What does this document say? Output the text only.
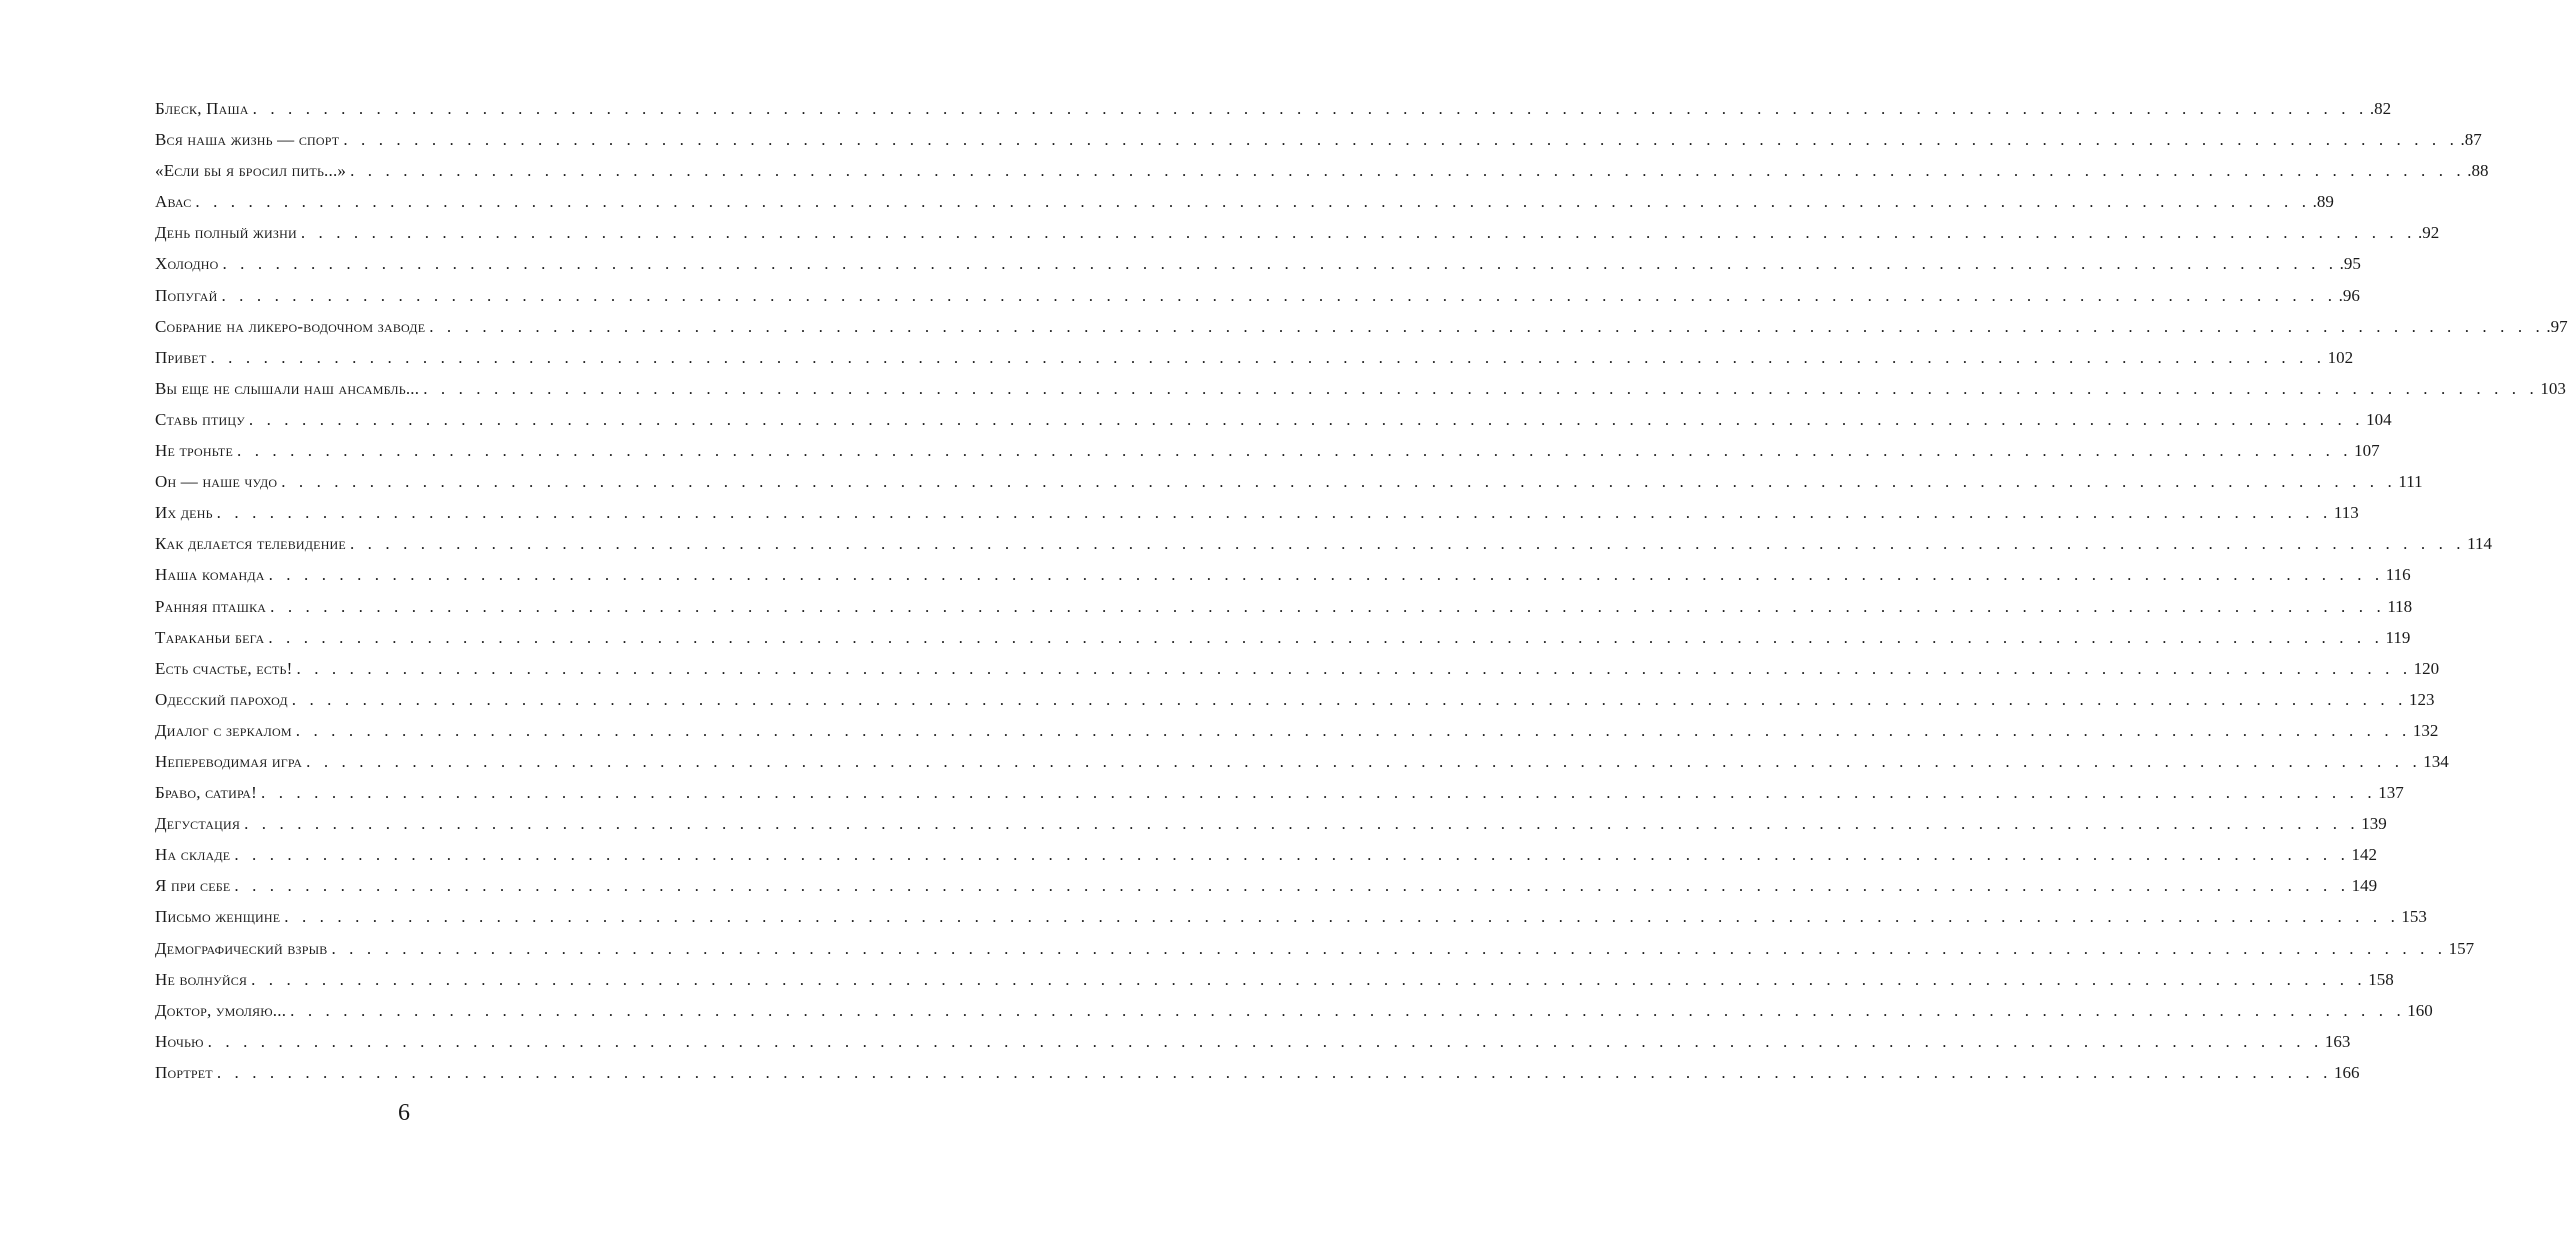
Блеск, Паша . . . . . . . . . . . . . . . . . . . . . . . . . . . . . . . . . . . . . . . . . . . . . . . . . . . . . . . . . . . . . . . . . . . . . . . . . . . . . . . . . . . . . . . . . . . . . . . . . . . . . . . . . . . . . . . . . . . . . . . . .82
Вся наша жизнь — спорт . . . . . . . . . . . . . . . . . . . . . . . . . . . . . . . . . . . . . . . . . . . . . . . . . . . . . . . . . . . . . . . . . . . . . . . . . . . . . . . . . . . . . . . . . . . . . . . . . . . . . . . . . . . . . . . . . . . . . . . . .87
«Если бы я бросил пить...» . . . . . . . . . . . . . . . . . . . . . . . . . . . . . . . . . . . . . . . . . . . . . . . . . . . . . . . . . . . . . . . . . . . . . . . . . . . . . . . . . . . . . . . . . . . . . . . . . . . . . . . . . . . . . . . . . . . . . . . . .88
Авас . . . . . . . . . . . . . . . . . . . . . . . . . . . . . . . . . . . . . . . . . . . . . . . . . . . . . . . . . . . . . . . . . . . . . . . . . . . . . . . . . . . . . . . . . . . . . . . . . . . . . . . . . . . . . . . . . . . . . . . . .89
День полный жизни . . . . . . . . . . . . . . . . . . . . . . . . . . . . . . . . . . . . . . . . . . . . . . . . . . . . . . . . . . . . . . . . . . . . . . . . . . . . . . . . . . . . . . . . . . . . . . . . . . . . . . . . . . . . . . . . . . . . . . . . .92
Холодно . . . . . . . . . . . . . . . . . . . . . . . . . . . . . . . . . . . . . . . . . . . . . . . . . . . . . . . . . . . . . . . . . . . . . . . . . . . . . . . . . . . . . . . . . . . . . . . . . . . . . . . . . . . . . . . . . . . . . . . . .95
Попугай . . . . . . . . . . . . . . . . . . . . . . . . . . . . . . . . . . . . . . . . . . . . . . . . . . . . . . . . . . . . . . . . . . . . . . . . . . . . . . . . . . . . . . . . . . . . . . . . . . . . . . . . . . . . . . . . . . . . . . . . .96
Собрание на ликеро-водочном заводе . . . . . . . . . . . . . . . . . . . . . . . . . . . . . . . . . . . . . . . . . . . . . . . . . . . . . . . . . . . . . . . . . . . . . . . . . . . . . . . . . . . . . . . . . . . . . . . . . . . . . . . . . . . . . . . . . . . . . . . . .97
Привет . . . . . . . . . . . . . . . . . . . . . . . . . . . . . . . . . . . . . . . . . . . . . . . . . . . . . . . . . . . . . . . . . . . . . . . . . . . . . . . . . . . . . . . . . . . . . . . . . . . . . . . . . . . . . . . . . . . . . . . . 102
Вы еще не слышали наш ансамбль... . . . . . . . . . . . . . . . . . . . . . . . . . . . . . . . . . . . . . . . . . . . . . . . . . . . . . . . . . . . . . . . . . . . . . . . . . . . . . . . . . . . . . . . . . . . . . . . . . . . . . . . . . . . . . . . . . . . . . . . . 103
Ставь птицу . . . . . . . . . . . . . . . . . . . . . . . . . . . . . . . . . . . . . . . . . . . . . . . . . . . . . . . . . . . . . . . . . . . . . . . . . . . . . . . . . . . . . . . . . . . . . . . . . . . . . . . . . . . . . . . . . . . . . . . . 104
Не троньте . . . . . . . . . . . . . . . . . . . . . . . . . . . . . . . . . . . . . . . . . . . . . . . . . . . . . . . . . . . . . . . . . . . . . . . . . . . . . . . . . . . . . . . . . . . . . . . . . . . . . . . . . . . . . . . . . . . . . . . . 107
Он — наше чудо . . . . . . . . . . . . . . . . . . . . . . . . . . . . . . . . . . . . . . . . . . . . . . . . . . . . . . . . . . . . . . . . . . . . . . . . . . . . . . . . . . . . . . . . . . . . . . . . . . . . . . . . . . . . . . . . . . . . . . . . 111
Их день . . . . . . . . . . . . . . . . . . . . . . . . . . . . . . . . . . . . . . . . . . . . . . . . . . . . . . . . . . . . . . . . . . . . . . . . . . . . . . . . . . . . . . . . . . . . . . . . . . . . . . . . . . . . . . . . . . . . . . . . 113
Как делается телевидение . . . . . . . . . . . . . . . . . . . . . . . . . . . . . . . . . . . . . . . . . . . . . . . . . . . . . . . . . . . . . . . . . . . . . . . . . . . . . . . . . . . . . . . . . . . . . . . . . . . . . . . . . . . . . . . . . . . . . . . . 114
Наша команда . . . . . . . . . . . . . . . . . . . . . . . . . . . . . . . . . . . . . . . . . . . . . . . . . . . . . . . . . . . . . . . . . . . . . . . . . . . . . . . . . . . . . . . . . . . . . . . . . . . . . . . . . . . . . . . . . . . . . . . . 116
Ранняя пташка . . . . . . . . . . . . . . . . . . . . . . . . . . . . . . . . . . . . . . . . . . . . . . . . . . . . . . . . . . . . . . . . . . . . . . . . . . . . . . . . . . . . . . . . . . . . . . . . . . . . . . . . . . . . . . . . . . . . . . . . 118
Тараканьи бега . . . . . . . . . . . . . . . . . . . . . . . . . . . . . . . . . . . . . . . . . . . . . . . . . . . . . . . . . . . . . . . . . . . . . . . . . . . . . . . . . . . . . . . . . . . . . . . . . . . . . . . . . . . . . . . . . . . . . . . . 119
Есть счастье, есть! . . . . . . . . . . . . . . . . . . . . . . . . . . . . . . . . . . . . . . . . . . . . . . . . . . . . . . . . . . . . . . . . . . . . . . . . . . . . . . . . . . . . . . . . . . . . . . . . . . . . . . . . . . . . . . . . . . . . . . . . 120
Одесский пароход . . . . . . . . . . . . . . . . . . . . . . . . . . . . . . . . . . . . . . . . . . . . . . . . . . . . . . . . . . . . . . . . . . . . . . . . . . . . . . . . . . . . . . . . . . . . . . . . . . . . . . . . . . . . . . . . . . . . . . . . 123
Диалог с зеркалом . . . . . . . . . . . . . . . . . . . . . . . . . . . . . . . . . . . . . . . . . . . . . . . . . . . . . . . . . . . . . . . . . . . . . . . . . . . . . . . . . . . . . . . . . . . . . . . . . . . . . . . . . . . . . . . . . . . . . . . . 132
Непереводимая игра . . . . . . . . . . . . . . . . . . . . . . . . . . . . . . . . . . . . . . . . . . . . . . . . . . . . . . . . . . . . . . . . . . . . . . . . . . . . . . . . . . . . . . . . . . . . . . . . . . . . . . . . . . . . . . . . . . . . . . . . 134
Браво, сатира! . . . . . . . . . . . . . . . . . . . . . . . . . . . . . . . . . . . . . . . . . . . . . . . . . . . . . . . . . . . . . . . . . . . . . . . . . . . . . . . . . . . . . . . . . . . . . . . . . . . . . . . . . . . . . . . . . . . . . . . . 137
Дегустация . . . . . . . . . . . . . . . . . . . . . . . . . . . . . . . . . . . . . . . . . . . . . . . . . . . . . . . . . . . . . . . . . . . . . . . . . . . . . . . . . . . . . . . . . . . . . . . . . . . . . . . . . . . . . . . . . . . . . . . . 139
На складе . . . . . . . . . . . . . . . . . . . . . . . . . . . . . . . . . . . . . . . . . . . . . . . . . . . . . . . . . . . . . . . . . . . . . . . . . . . . . . . . . . . . . . . . . . . . . . . . . . . . . . . . . . . . . . . . . . . . . . . . 142
Я при себе . . . . . . . . . . . . . . . . . . . . . . . . . . . . . . . . . . . . . . . . . . . . . . . . . . . . . . . . . . . . . . . . . . . . . . . . . . . . . . . . . . . . . . . . . . . . . . . . . . . . . . . . . . . . . . . . . . . . . . . . 149
Письмо женщине . . . . . . . . . . . . . . . . . . . . . . . . . . . . . . . . . . . . . . . . . . . . . . . . . . . . . . . . . . . . . . . . . . . . . . . . . . . . . . . . . . . . . . . . . . . . . . . . . . . . . . . . . . . . . . . . . . . . . . . . 153
Демографический взрыв . . . . . . . . . . . . . . . . . . . . . . . . . . . . . . . . . . . . . . . . . . . . . . . . . . . . . . . . . . . . . . . . . . . . . . . . . . . . . . . . . . . . . . . . . . . . . . . . . . . . . . . . . . . . . . . . . . . . . . . . 157
Не волнуйся . . . . . . . . . . . . . . . . . . . . . . . . . . . . . . . . . . . . . . . . . . . . . . . . . . . . . . . . . . . . . . . . . . . . . . . . . . . . . . . . . . . . . . . . . . . . . . . . . . . . . . . . . . . . . . . . . . . . . . . . 158
Доктор, умоляю... . . . . . . . . . . . . . . . . . . . . . . . . . . . . . . . . . . . . . . . . . . . . . . . . . . . . . . . . . . . . . . . . . . . . . . . . . . . . . . . . . . . . . . . . . . . . . . . . . . . . . . . . . . . . . . . . . . . . . . . . 160
Ночью . . . . . . . . . . . . . . . . . . . . . . . . . . . . . . . . . . . . . . . . . . . . . . . . . . . . . . . . . . . . . . . . . . . . . . . . . . . . . . . . . . . . . . . . . . . . . . . . . . . . . . . . . . . . . . . . . . . . . . . . 163
Портрет . . . . . . . . . . . . . . . . . . . . . . . . . . . . . . . . . . . . . . . . . . . . . . . . . . . . . . . . . . . . . . . . . . . . . . . . . . . . . . . . . . . . . . . . . . . . . . . . . . . . . . . . . . . . . . . . . . . . . . . . 166
6
